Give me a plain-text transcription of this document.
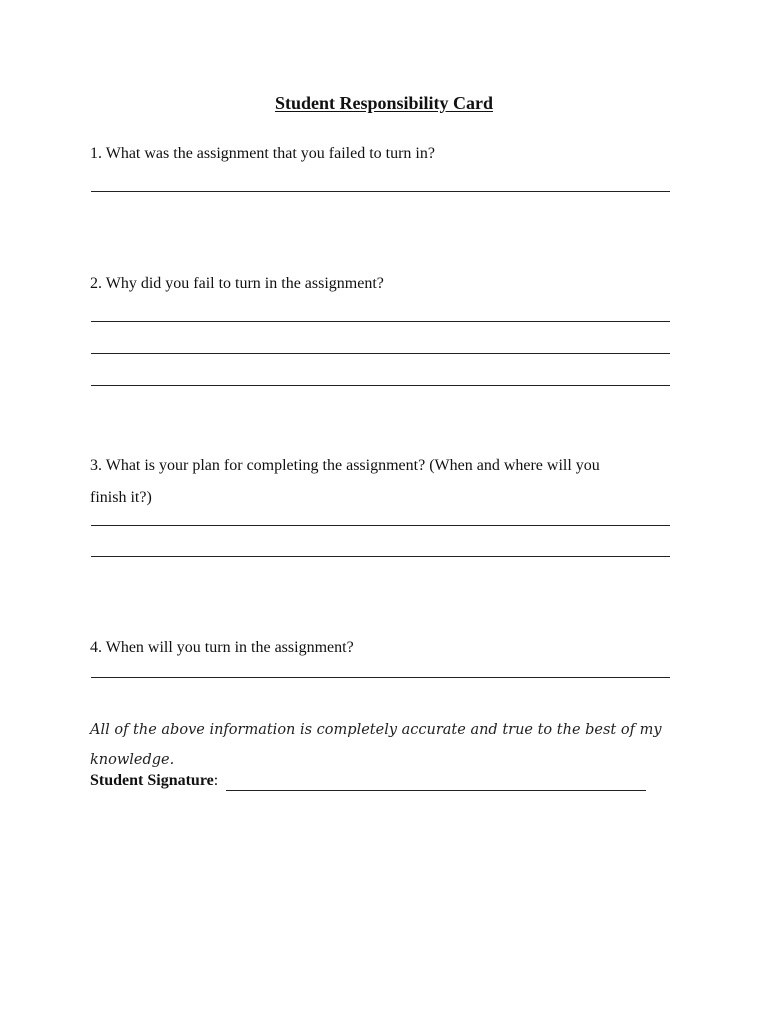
Student Responsibility Card
1. What was the assignment that you failed to turn in?
2. Why did you fail to turn in the assignment?
3. What is your plan for completing the assignment? (When and where will you
finish it?)
4. When will you turn in the assignment?
All of the above information is completely accurate and true to the best of my knowledge.
Student Signature:
